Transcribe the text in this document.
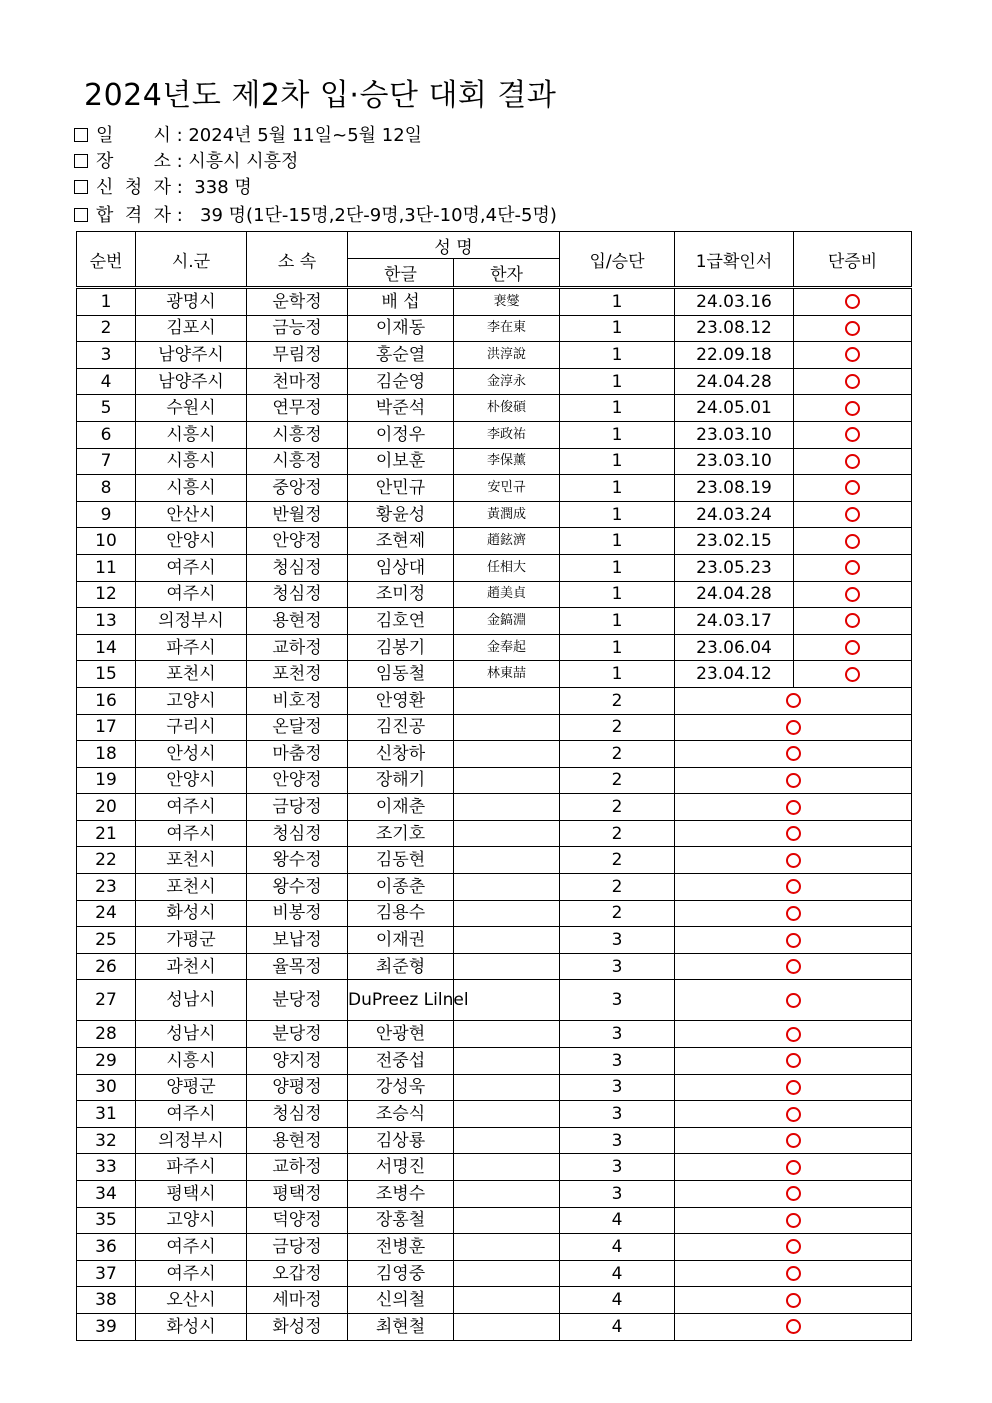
2024년도 제2차 입·승단 대회 결과
일       시 : 2024년 5월 11일~5월 12일
장       소 : 시흥시 시흥정
신  청  자 :  338 명
합  격  자 :   39 명(1단-15명,2단-9명,3단-10명,4단-5명)
순번	시.군	소 속	성 명		입/승단	1급확인서	단증비
			한글	한자			
1	광명시	운학정	배 섭	裵燮	1	24.03.16	
2	김포시	금능정	이재동	李在東	1	23.08.12	
3	남양주시	무림정	홍순열	洪淳說	1	22.09.18	
4	남양주시	천마정	김순영	金淳永	1	24.04.28	
5	수원시	연무정	박준석	朴俊碩	1	24.05.01	
6	시흥시	시흥정	이정우	李政祐	1	23.03.10	
7	시흥시	시흥정	이보훈	李保薰	1	23.03.10	
8	시흥시	중앙정	안민규	安민규	1	23.08.19	
9	안산시	반월정	황윤성	黃潤成	1	24.03.24	
10	안양시	안양정	조현제	趙鉉濟	1	23.02.15	
11	여주시	청심정	임상대	任相大	1	23.05.23	
12	여주시	청심정	조미정	趙美貞	1	24.04.28	
13	의정부시	용현정	김호연	金鎬淵	1	24.03.17	
14	파주시	교하정	김봉기	金奉起	1	23.06.04	
15	포천시	포천정	임동철	林東喆	1	23.04.12	
16	고양시	비호정	안영환		2		
17	구리시	온달정	김진공		2		
18	안성시	마춤정	신창하		2		
19	안양시	안양정	장해기		2		
20	여주시	금당정	이재춘		2		
21	여주시	청심정	조기호		2		
22	포천시	왕수정	김동현		2		
23	포천시	왕수정	이종춘		2		
24	화성시	비봉정	김용수		2		
25	가평군	보납정	이재권		3		
26	과천시	율목정	최준형		3		
27	성남시	분당정	DuPreez Lilnel		3		
28	성남시	분당정	안광현		3		
29	시흥시	양지정	전중섭		3		
30	양평군	양평정	강성욱		3		
31	여주시	청심정	조승식		3		
32	의정부시	용현정	김상룡		3		
33	파주시	교하정	서명진		3		
34	평택시	평택정	조병수		3		
35	고양시	덕양정	장홍철		4		
36	여주시	금당정	전병훈		4		
37	여주시	오갑정	김영중		4		
38	오산시	세마정	신의철		4		
39	화성시	화성정	최현철		4		
